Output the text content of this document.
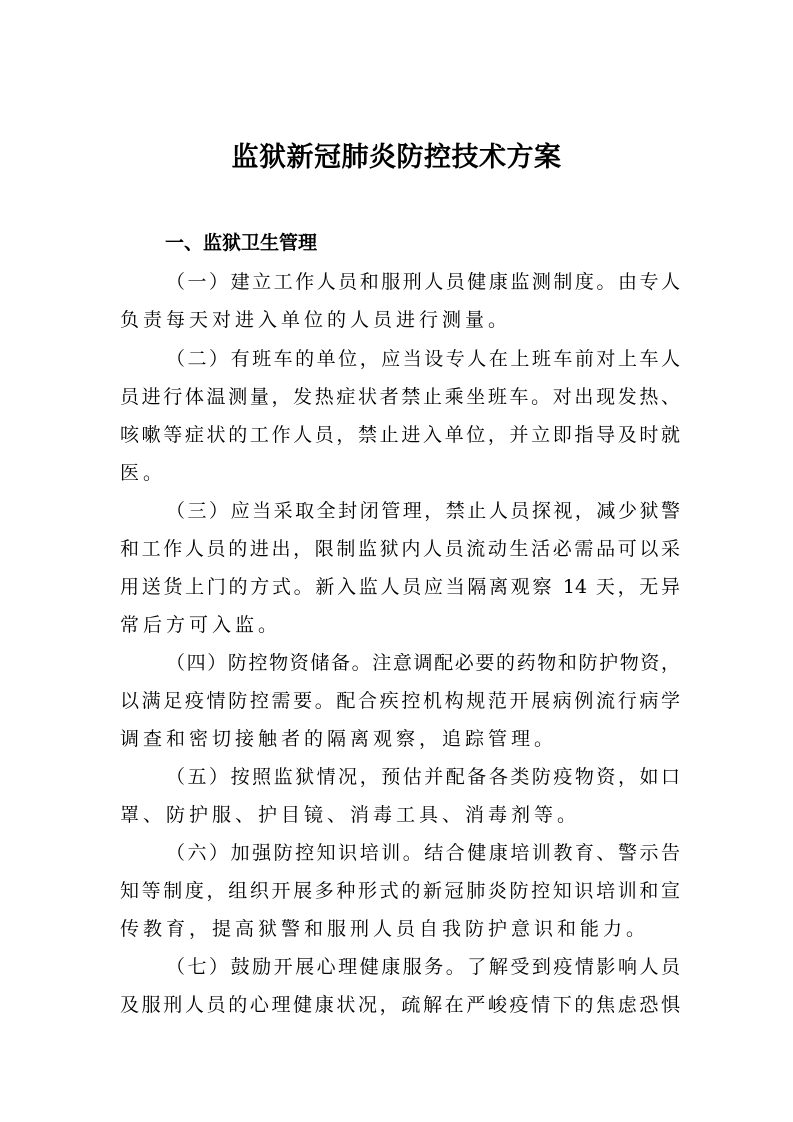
监狱新冠肺炎防控技术方案
一、监狱卫生管理
（一）建立工作人员和服刑人员健康监测制度。由专人
负责每天对进入单位的人员进行测量。
（二）有班车的单位，应当设专人在上班车前对上车人
员进行体温测量，发热症状者禁止乘坐班车。对出现发热、
咳嗽等症状的工作人员，禁止进入单位，并立即指导及时就
医。
（三）应当采取全封闭管理，禁止人员探视，减少狱警
和工作人员的进出，限制监狱内人员流动生活必需品可以采
用送货上门的方式。新入监人员应当隔离观察 14 天，无异
常后方可入监。
（四）防控物资储备。注意调配必要的药物和防护物资，
以满足疫情防控需要。配合疾控机构规范开展病例流行病学
调查和密切接触者的隔离观察，追踪管理。
（五）按照监狱情况，预估并配备各类防疫物资，如口
罩、防护服、护目镜、消毒工具、消毒剂等。
（六）加强防控知识培训。结合健康培训教育、警示告
知等制度，组织开展多种形式的新冠肺炎防控知识培训和宣
传教育，提高狱警和服刑人员自我防护意识和能力。
（七）鼓励开展心理健康服务。了解受到疫情影响人员
及服刑人员的心理健康状况，疏解在严峻疫情下的焦虑恐惧
